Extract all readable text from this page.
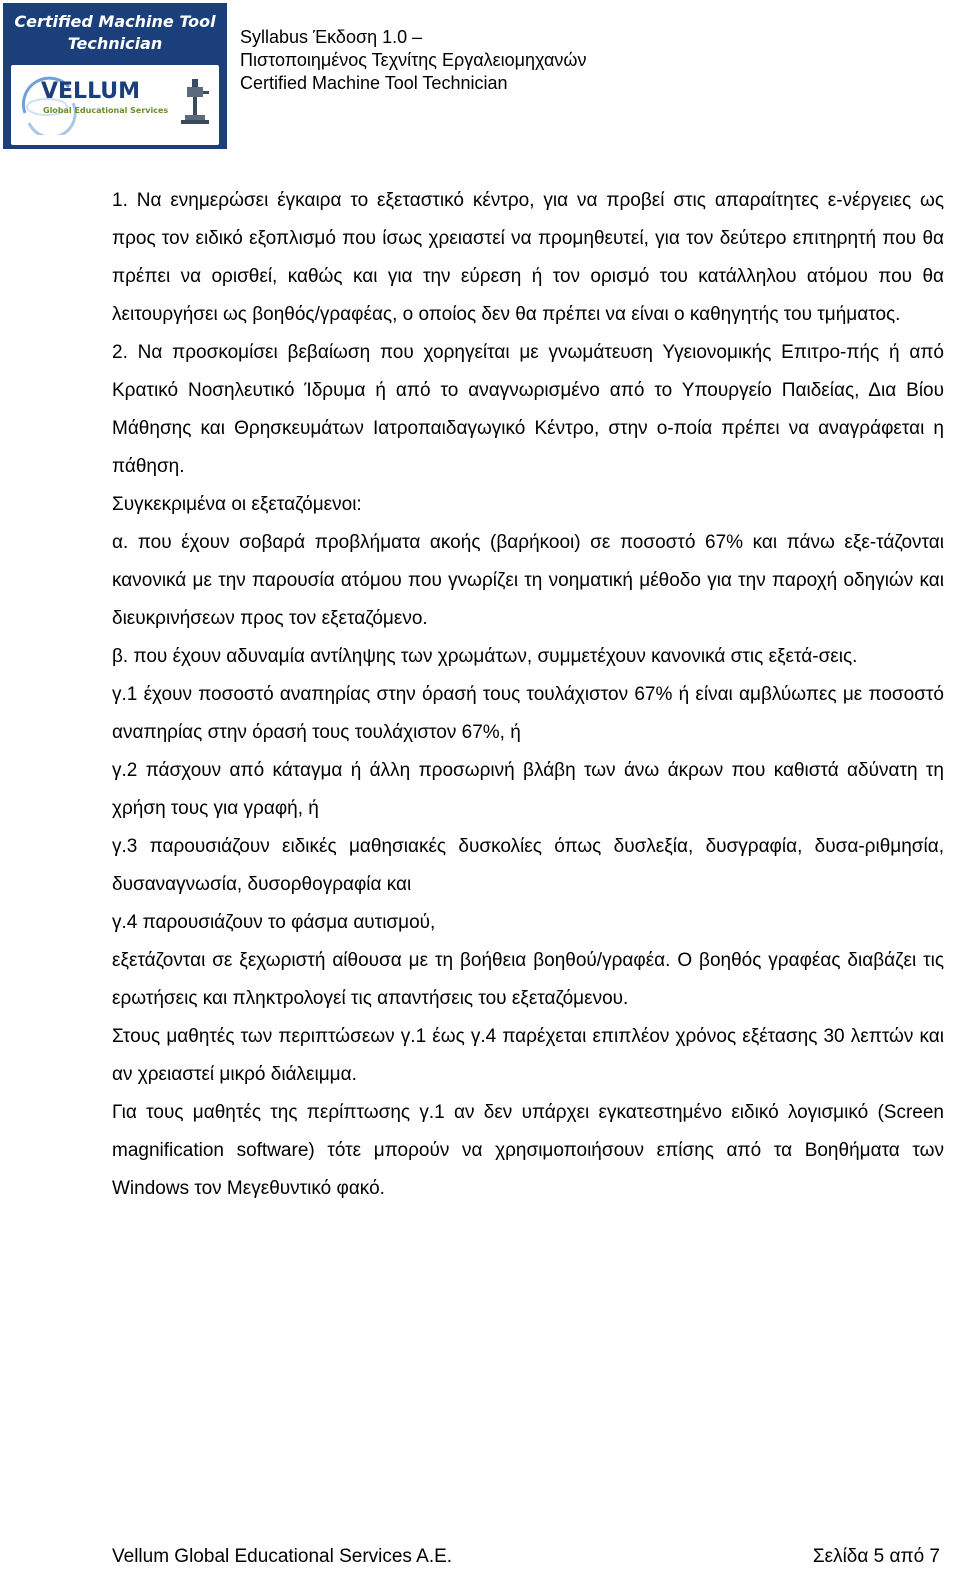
Certified Machine Tool
Technician
VELLUM
Global Educational Services
Syllabus Έκδοση 1.0 –
Πιστοποιημένος Τεχνίτης Εργαλειομηχανών
Certified Machine Tool Technician

1. Να ενημερώσει έγκαιρα το εξεταστικό κέντρο, για να προβεί στις απαραίτητες ε-νέργειες ως προς τον ειδικό εξοπλισμό που ίσως χρειαστεί να προμηθευτεί, για τον δεύτερο επιτηρητή που θα πρέπει να ορισθεί, καθώς και για την εύρεση ή τον ορισμό του κατάλληλου ατόμου που θα λειτουργήσει ως βοηθός/γραφέας, ο οποίος δεν θα πρέπει να είναι ο καθηγητής του τμήματος.

2. Να προσκομίσει βεβαίωση που χορηγείται με γνωμάτευση Υγειονομικής Επιτρο-πής ή από Κρατικό Νοσηλευτικό Ίδρυμα ή από το αναγνωρισμένο από το Υπουργείο Παιδείας, Δια Βίου Μάθησης και Θρησκευμάτων Ιατροπαιδαγωγικό Κέντρο, στην ο-ποία πρέπει να αναγράφεται η πάθηση.

Συγκεκριμένα οι εξεταζόμενοι:

α. που έχουν σοβαρά προβλήματα ακοής (βαρήκοοι) σε ποσοστό 67% και πάνω εξε-τάζονται κανονικά με την παρουσία ατόμου που γνωρίζει τη νοηματική μέθοδο για την παροχή οδηγιών και διευκρινήσεων προς τον εξεταζόμενο.

β. που έχουν αδυναμία αντίληψης των χρωμάτων, συμμετέχουν κανονικά στις εξετά-σεις.

γ.1 έχουν ποσοστό αναπηρίας στην όρασή τους τουλάχιστον 67% ή είναι αμβλύωπες με ποσοστό αναπηρίας στην όρασή τους τουλάχιστον 67%, ή

γ.2 πάσχουν από κάταγμα ή άλλη προσωρινή βλάβη των άνω άκρων που καθιστά αδύνατη τη χρήση τους για γραφή, ή

γ.3 παρουσιάζουν ειδικές μαθησιακές δυσκολίες όπως δυσλεξία, δυσγραφία, δυσα-ριθμησία, δυσαναγνωσία, δυσορθογραφία και

γ.4 παρουσιάζουν το φάσμα αυτισμού,

εξετάζονται σε ξεχωριστή αίθουσα με τη βοήθεια βοηθού/γραφέα. Ο βοηθός γραφέας διαβάζει τις ερωτήσεις και πληκτρολογεί τις απαντήσεις του εξεταζόμενου.

Στους μαθητές των περιπτώσεων γ.1 έως γ.4 παρέχεται επιπλέον χρόνος εξέτασης 30 λεπτών και αν χρειαστεί μικρό διάλειμμα.

Για τους μαθητές της περίπτωσης γ.1 αν δεν υπάρχει εγκατεστημένο ειδικό λογισμικό (Screen magnification software) τότε μπορούν να χρησιμοποιήσουν επίσης από τα Βοηθήματα των Windows τον Μεγεθυντικό φακό.

Vellum Global Educational Services A.E.	Σελίδα 5 από 7
